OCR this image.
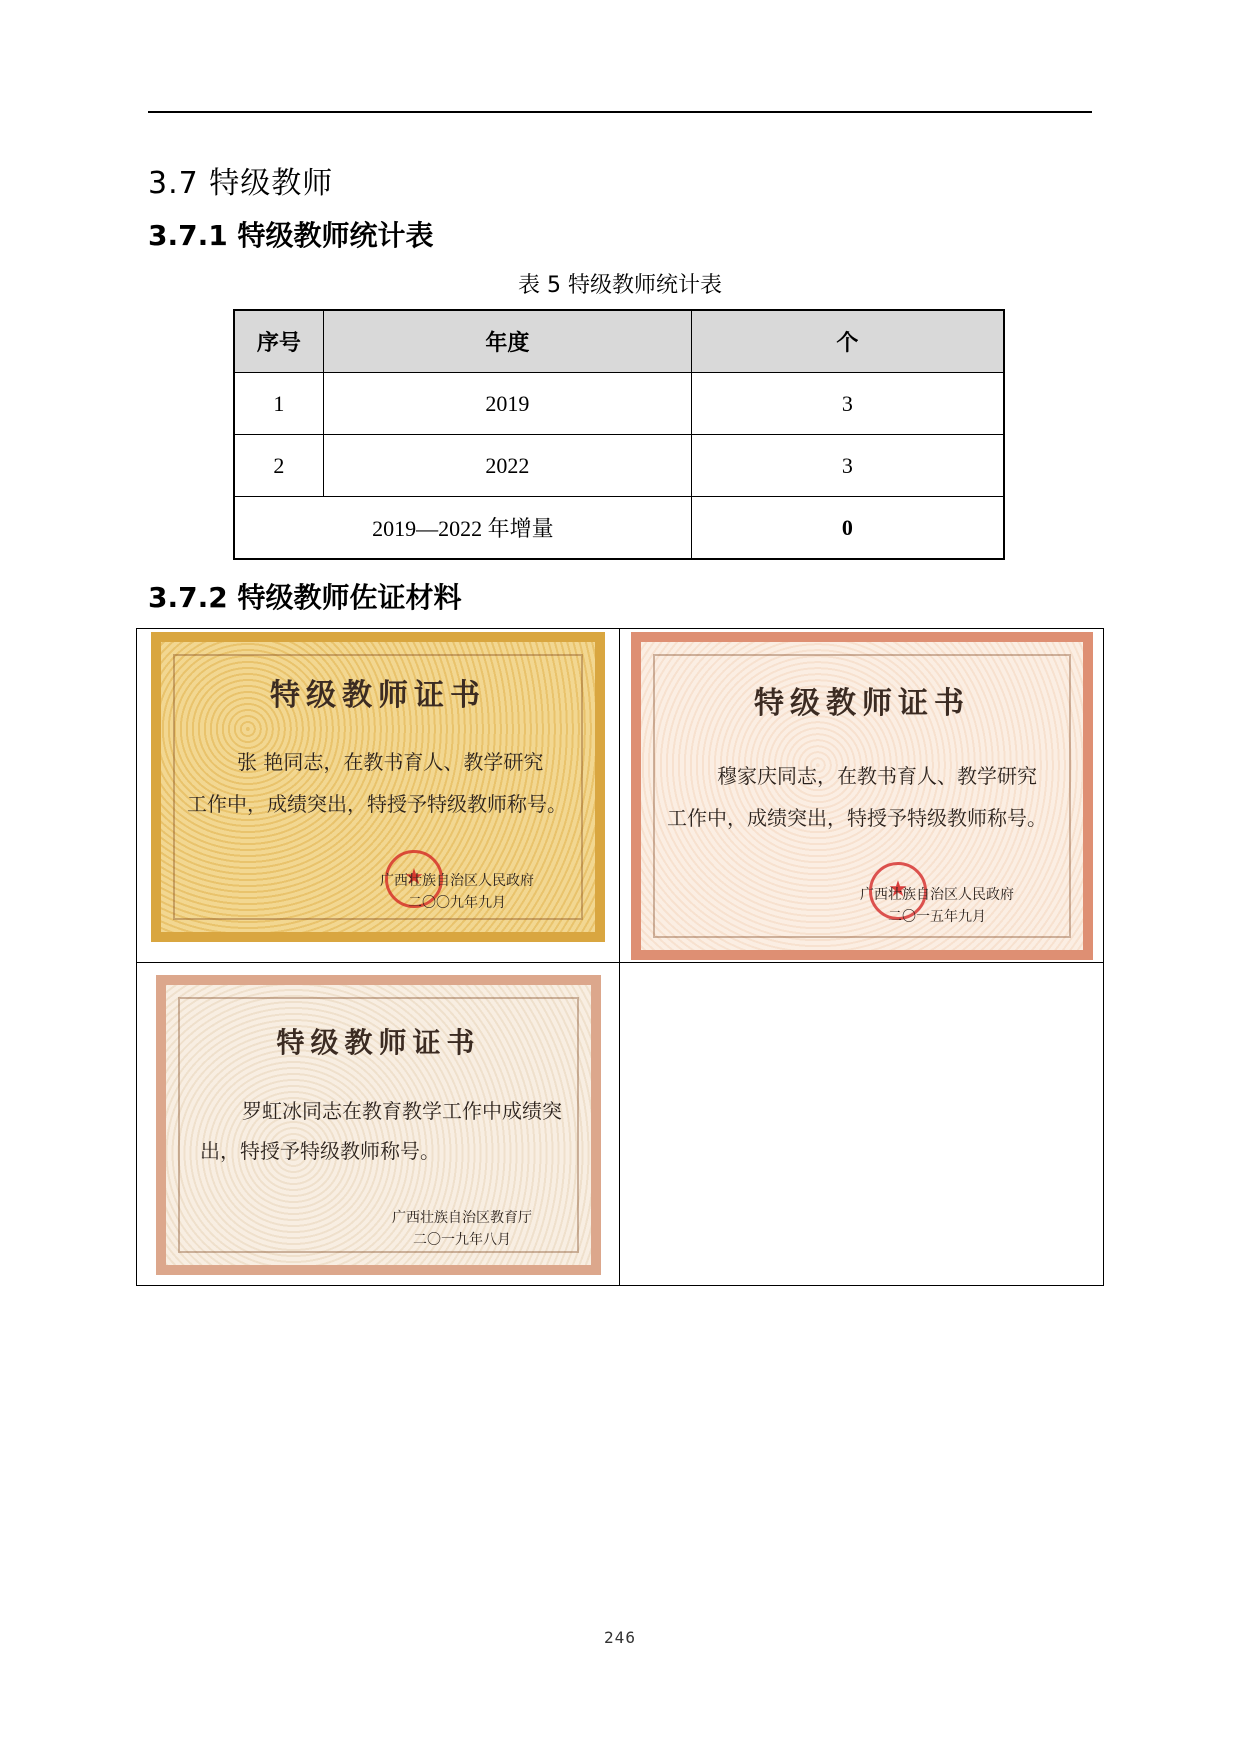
3.7 特级教师
3.7.1 特级教师统计表
表 5 特级教师统计表
序号	年度	个
1	2019	3
2	2022	3
2019—2022 年增量		0
3.7.2 特级教师佐证材料
特级教师证书
张 艳同志，在教书育人、教学研究
工作中，成绩突出，特授予特级教师称号。
★
广西壮族自治区人民政府
二〇〇九年九月
特级教师证书
穆家庆同志，在教书育人、教学研究
工作中，成绩突出，特授予特级教师称号。
★
广西壮族自治区人民政府
二〇一五年九月
特级教师证书
罗虹冰同志在教育教学工作中成绩突
出，特授予特级教师称号。
广西壮族自治区教育厅
二〇一九年八月
246
